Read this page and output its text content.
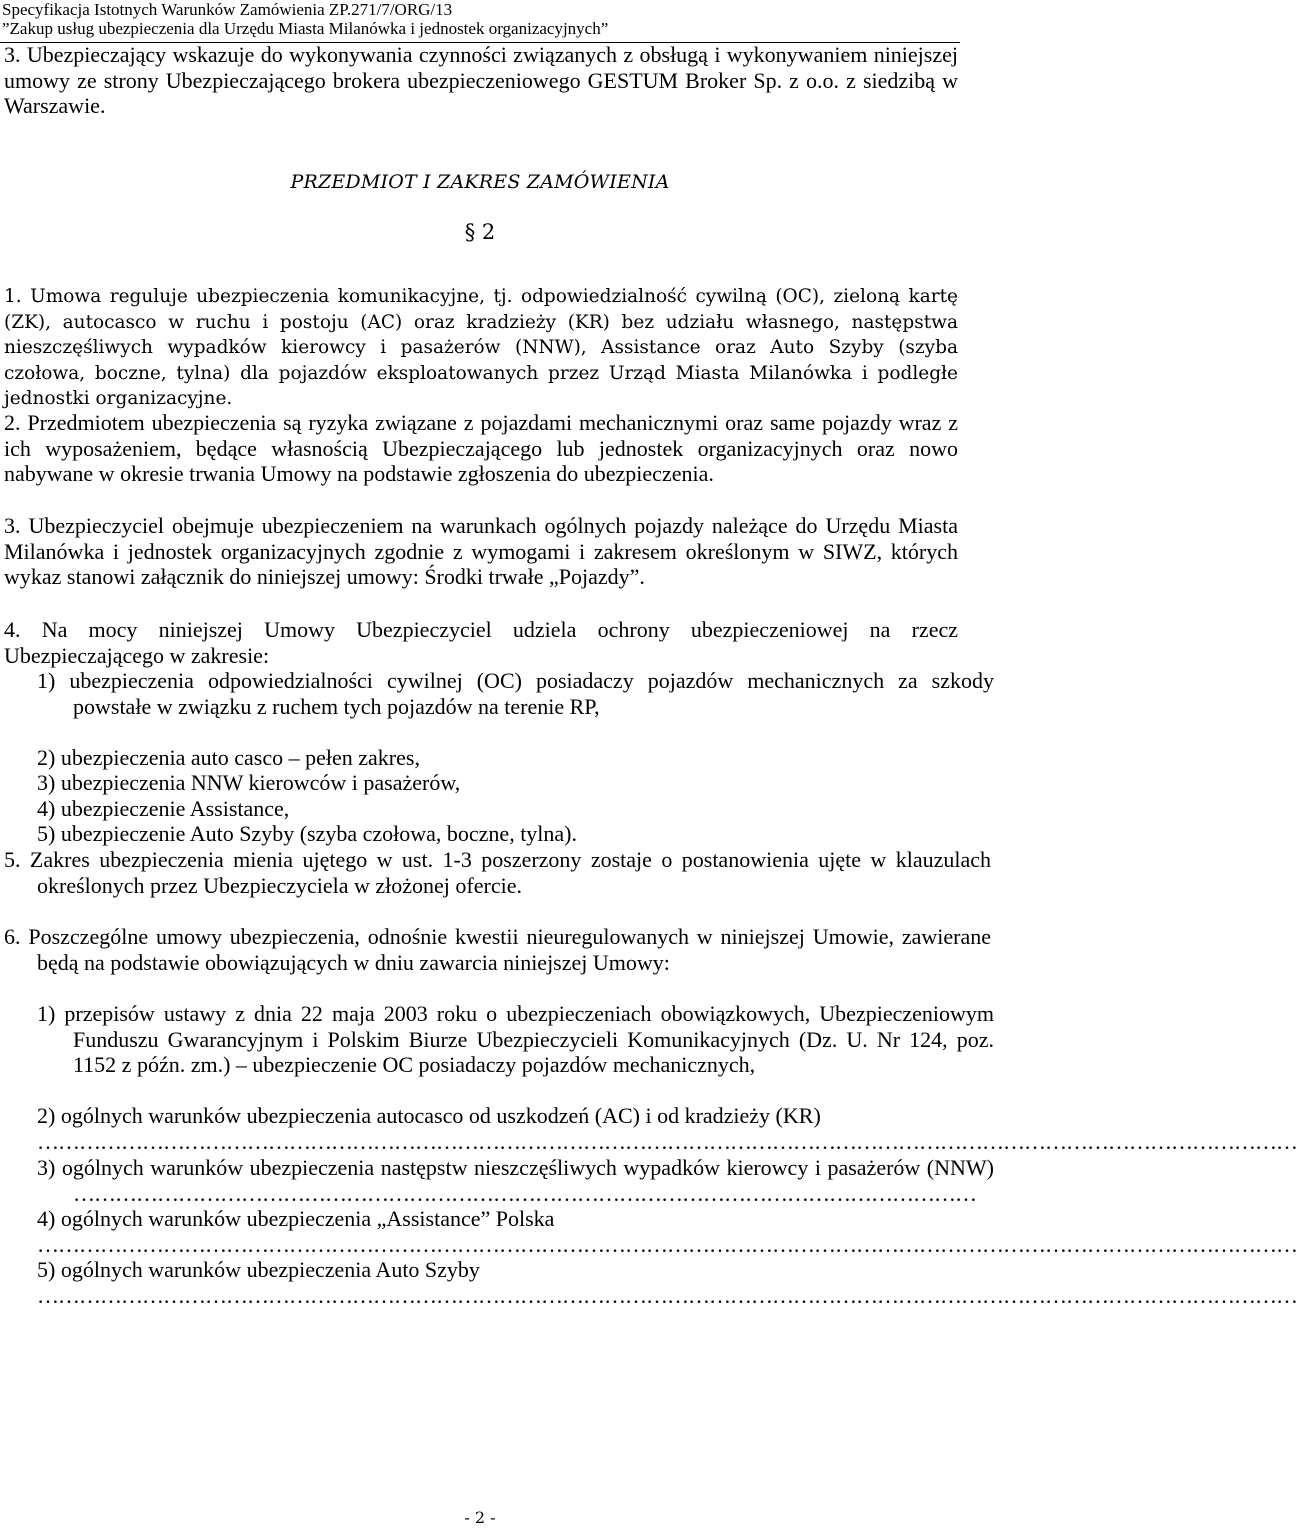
Specyfikacja Istotnych Warunków Zamówienia ZP.271/7/ORG/13
”Zakup usług ubezpieczenia dla Urzędu Miasta Milanówka i jednostek organizacyjnych”
3. Ubezpieczający wskazuje do wykonywania czynności związanych z obsługą i wykonywaniem niniejszej umowy ze strony Ubezpieczającego brokera ubezpieczeniowego GESTUM Broker Sp. z o.o. z siedzibą w Warszawie.
PRZEDMIOT I ZAKRES ZAMÓWIENIA
§ 2
1. Umowa reguluje ubezpieczenia komunikacyjne, tj. odpowiedzialność cywilną (OC), zieloną kartę (ZK), autocasco w ruchu i postoju (AC) oraz kradzieży (KR) bez udziału własnego, następstwa nieszczęśliwych wypadków kierowcy i pasażerów (NNW), Assistance oraz Auto Szyby (szyba czołowa, boczne, tylna) dla pojazdów eksploatowanych przez Urząd Miasta Milanówka i podległe jednostki organizacyjne.
2. Przedmiotem ubezpieczenia są ryzyka związane z pojazdami mechanicznymi oraz same pojazdy wraz z ich wyposażeniem, będące własnością Ubezpieczającego lub jednostek organizacyjnych oraz nowo nabywane w okresie trwania Umowy na podstawie zgłoszenia do ubezpieczenia.
3. Ubezpieczyciel obejmuje ubezpieczeniem na warunkach ogólnych pojazdy należące do Urzędu Miasta Milanówka i jednostek organizacyjnych zgodnie z wymogami i zakresem określonym w SIWZ, których wykaz stanowi załącznik do niniejszej umowy: Środki trwałe „Pojazdy”.
4. Na mocy niniejszej Umowy Ubezpieczyciel udziela ochrony ubezpieczeniowej na rzecz Ubezpieczającego w zakresie:
1) ubezpieczenia odpowiedzialności cywilnej (OC) posiadaczy pojazdów mechanicznych za szkody powstałe w związku z ruchem tych pojazdów na terenie RP,
2) ubezpieczenia auto casco – pełen zakres,
3) ubezpieczenia NNW kierowców i pasażerów,
4) ubezpieczenie Assistance,
5) ubezpieczenie Auto Szyby (szyba czołowa, boczne, tylna).
5. Zakres ubezpieczenia mienia ujętego w ust. 1-3 poszerzony zostaje o postanowienia ujęte w klauzulach określonych przez Ubezpieczyciela w złożonej ofercie.
6. Poszczególne umowy ubezpieczenia, odnośnie kwestii nieuregulowanych w niniejszej Umowie, zawierane będą na podstawie obowiązujących w dniu zawarcia niniejszej Umowy:
1) przepisów ustawy z dnia 22 maja 2003 roku o ubezpieczeniach obowiązkowych, Ubezpieczeniowym Funduszu Gwarancyjnym i Polskim Biurze Ubezpieczycieli Komunikacyjnych (Dz. U. Nr 124, poz. 1152 z późn. zm.) – ubezpieczenie OC posiadaczy pojazdów mechanicznych,
2) ogólnych warunków ubezpieczenia autocasco od uszkodzeń (AC) i od kradzieży (KR)
………………………………………………………………………………………………………………………………………………………………
3) ogólnych warunków ubezpieczenia następstw nieszczęśliwych wypadków kierowcy i pasażerów (NNW) …………………………………………………………………………………………………………………
4) ogólnych warunków ubezpieczenia „Assistance” Polska
………………………………………………………………………………………………………………………………………………………………
5) ogólnych warunków ubezpieczenia Auto Szyby
………………………………………………………………………………………………………………………………………………………………
- 2 -
